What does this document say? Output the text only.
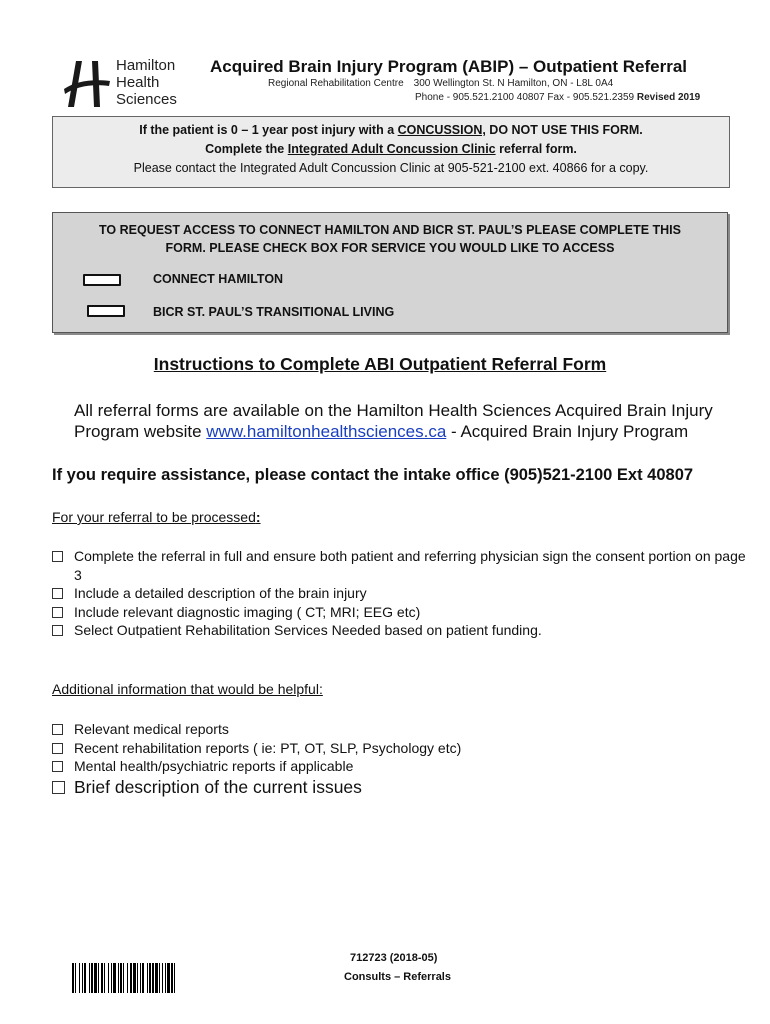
Hamilton
Health
Sciences
Acquired Brain Injury Program (ABIP) – Outpatient Referral
Regional Rehabilitation Centre 300 Wellington St. N Hamilton, ON - L8L 0A4
Phone - 905.521.2100 40807 Fax - 905.521.2359 Revised 2019
If the patient is 0 – 1 year post injury with a CONCUSSION, DO NOT USE THIS FORM.
Complete the Integrated Adult Concussion Clinic referral form.
Please contact the Integrated Adult Concussion Clinic at 905-521-2100 ext. 40866 for a copy.
TO REQUEST ACCESS TO CONNECT HAMILTON AND BICR ST. PAUL’S PLEASE COMPLETE THIS
FORM. PLEASE CHECK BOX FOR SERVICE YOU WOULD LIKE TO ACCESS
CONNECT HAMILTON
BICR ST. PAUL’S TRANSITIONAL LIVING
Instructions to Complete ABI Outpatient Referral Form
All referral forms are available on the Hamilton Health Sciences Acquired Brain Injury Program website www.hamiltonhealthsciences.ca - Acquired Brain Injury Program
If you require assistance, please contact the intake office (905)521-2100 Ext 40807
For your referral to be processed:
Complete the referral in full and ensure both patient and referring physician sign the consent portion on page 3
Include a detailed description of the brain injury
Include relevant diagnostic imaging ( CT; MRI; EEG etc)
Select Outpatient Rehabilitation Services Needed based on patient funding.
Additional information that would be helpful:
Relevant medical reports
Recent rehabilitation reports ( ie: PT, OT, SLP, Psychology etc)
Mental health/psychiatric reports if applicable
Brief description of the current issues
712723 (2018-05)
Consults – Referrals
